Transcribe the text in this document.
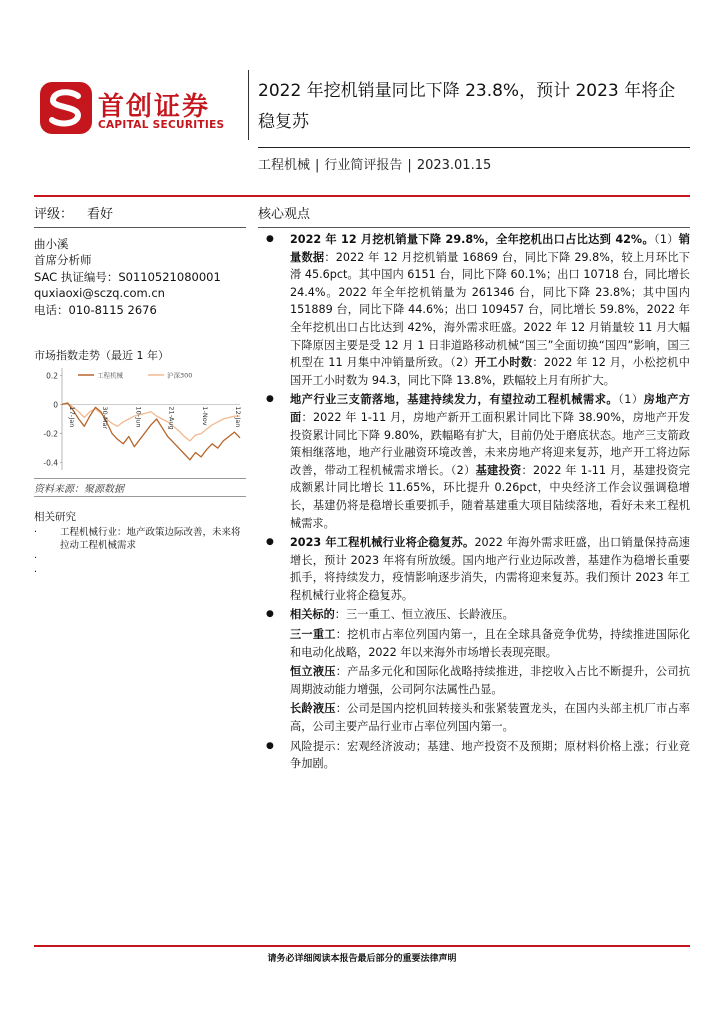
首创证券
CAPITAL SECURITIES
2022 年挖机销量同比下降 23.8%，预计 2023 年将企稳复苏
工程机械 | 行业简评报告 | 2023.01.15
评级： 看好
曲小溪
首席分析师
SAC 执证编号：S0110521080001
quxiaoxi@sczq.com.cn
电话：010-8115 2676
市场指数走势（最近 1 年）
0.2
0
-0.2
-0.4
17-Jan	30-Mar	10-Jun	21-Aug	1-Nov	12-Jan
工程机械	沪深300
资料来源：聚源数据
相关研究
· 工程机械行业：地产政策边际改善，未来将拉动工程机械需求
·
·
核心观点
● 2022 年 12 月挖机销量下降 29.8%，全年挖机出口占比达到 42%。（1）销量数据：2022 年 12 月挖机销量 16869 台，同比下降 29.8%，较上月环比下滑 45.6pct。其中国内 6151 台，同比下降 60.1%；出口 10718 台，同比增长 24.4%。2022 年全年挖机销量为 261346 台，同比下降 23.8%；其中国内 151889 台，同比下降 44.6%；出口 109457 台，同比增长 59.8%，2022 年全年挖机出口占比达到 42%，海外需求旺盛。2022 年 12 月销量较 11 月大幅下降原因主要是受 12 月 1 日非道路移动机械“国三”全面切换“国四”影响，国三机型在 11 月集中冲销量所致。（2）开工小时数：2022 年 12 月，小松挖机中国开工小时数为 94.3，同比下降 13.8%，跌幅较上月有所扩大。
● 地产行业三支箭落地，基建持续发力，有望拉动工程机械需求。（1）房地产方面：2022 年 1-11 月，房地产新开工面积累计同比下降 38.90%，房地产开发投资累计同比下降 9.80%，跌幅略有扩大，目前仍处于磨底状态。地产三支箭政策相继落地，地产行业融资环境改善，未来房地产将迎来复苏，地产开工将边际改善，带动工程机械需求增长。（2）基建投资：2022 年 1-11 月，基建投资完成额累计同比增长 11.65%，环比提升 0.26pct，中央经济工作会议强调稳增长，基建仍将是稳增长重要抓手，随着基建重大项目陆续落地，看好未来工程机械需求。
● 2023 年工程机械行业将企稳复苏。2022 年海外需求旺盛，出口销量保持高速增长，预计 2023 年将有所放缓。国内地产行业边际改善，基建作为稳增长重要抓手，将持续发力，疫情影响逐步消失，内需将迎来复苏。我们预计 2023 年工程机械行业将企稳复苏。
● 相关标的：三一重工、恒立液压、长龄液压。
三一重工：挖机市占率位列国内第一，且在全球具备竞争优势，持续推进国际化和电动化战略，2022 年以来海外市场增长表现亮眼。
恒立液压：产品多元化和国际化战略持续推进，非挖收入占比不断提升，公司抗周期波动能力增强，公司阿尔法属性凸显。
长龄液压：公司是国内挖机回转接头和张紧装置龙头，在国内头部主机厂市占率高，公司主要产品行业市占率位列国内第一。
● 风险提示：宏观经济波动；基建、地产投资不及预期；原材料价格上涨；行业竞争加剧。
请务必详细阅读本报告最后部分的重要法律声明
